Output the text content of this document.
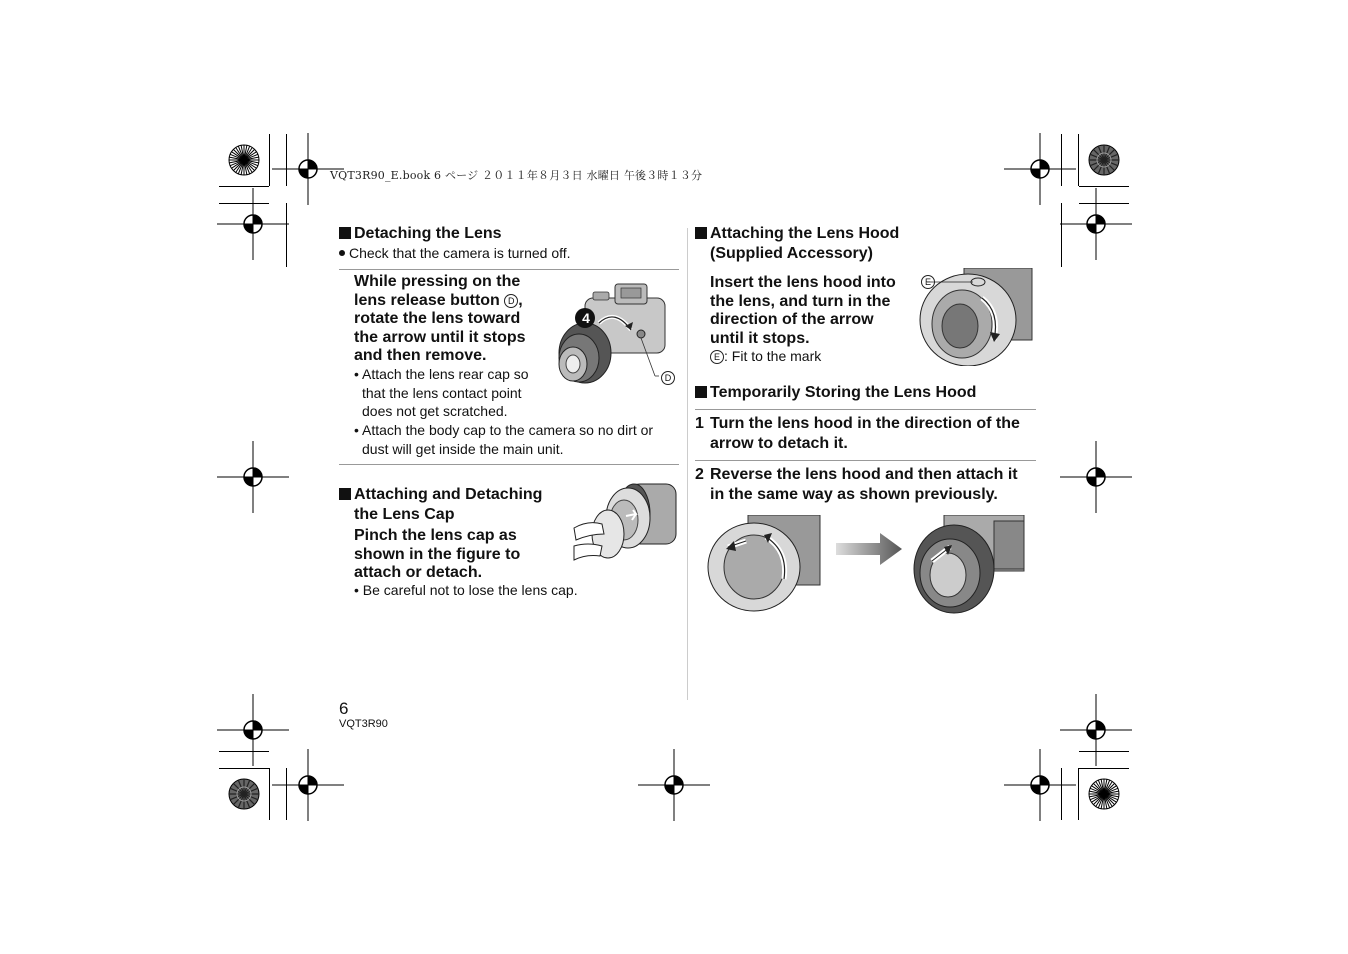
VQT3R90_E.book 6 ページ ２０１１年８月３日 水曜日 午後３時１３分
Detaching the Lens
Check that the camera is turned off.
While pressing on the
lens release button D ,
rotate the lens toward
the arrow until it stops
and then remove.
4
D
• Attach the lens rear cap so
that the lens contact point
does not get scratched.
• Attach the body cap to the camera so no dirt or
dust will get inside the main unit.
Attaching and Detaching
the Lens Cap
Pinch the lens cap as
shown in the figure to
attach or detach.
• Be careful not to lose the lens cap.
Attaching the Lens Hood
(Supplied Accessory)
Insert the lens hood into
the lens, and turn in the
direction of the arrow
until it stops.
E : Fit to the mark
E
Temporarily Storing the Lens Hood
1 Turn the lens hood in the direction of the
arrow to detach it.
2 Reverse the lens hood and then attach it
in the same way as shown previously.
6
VQT3R90
